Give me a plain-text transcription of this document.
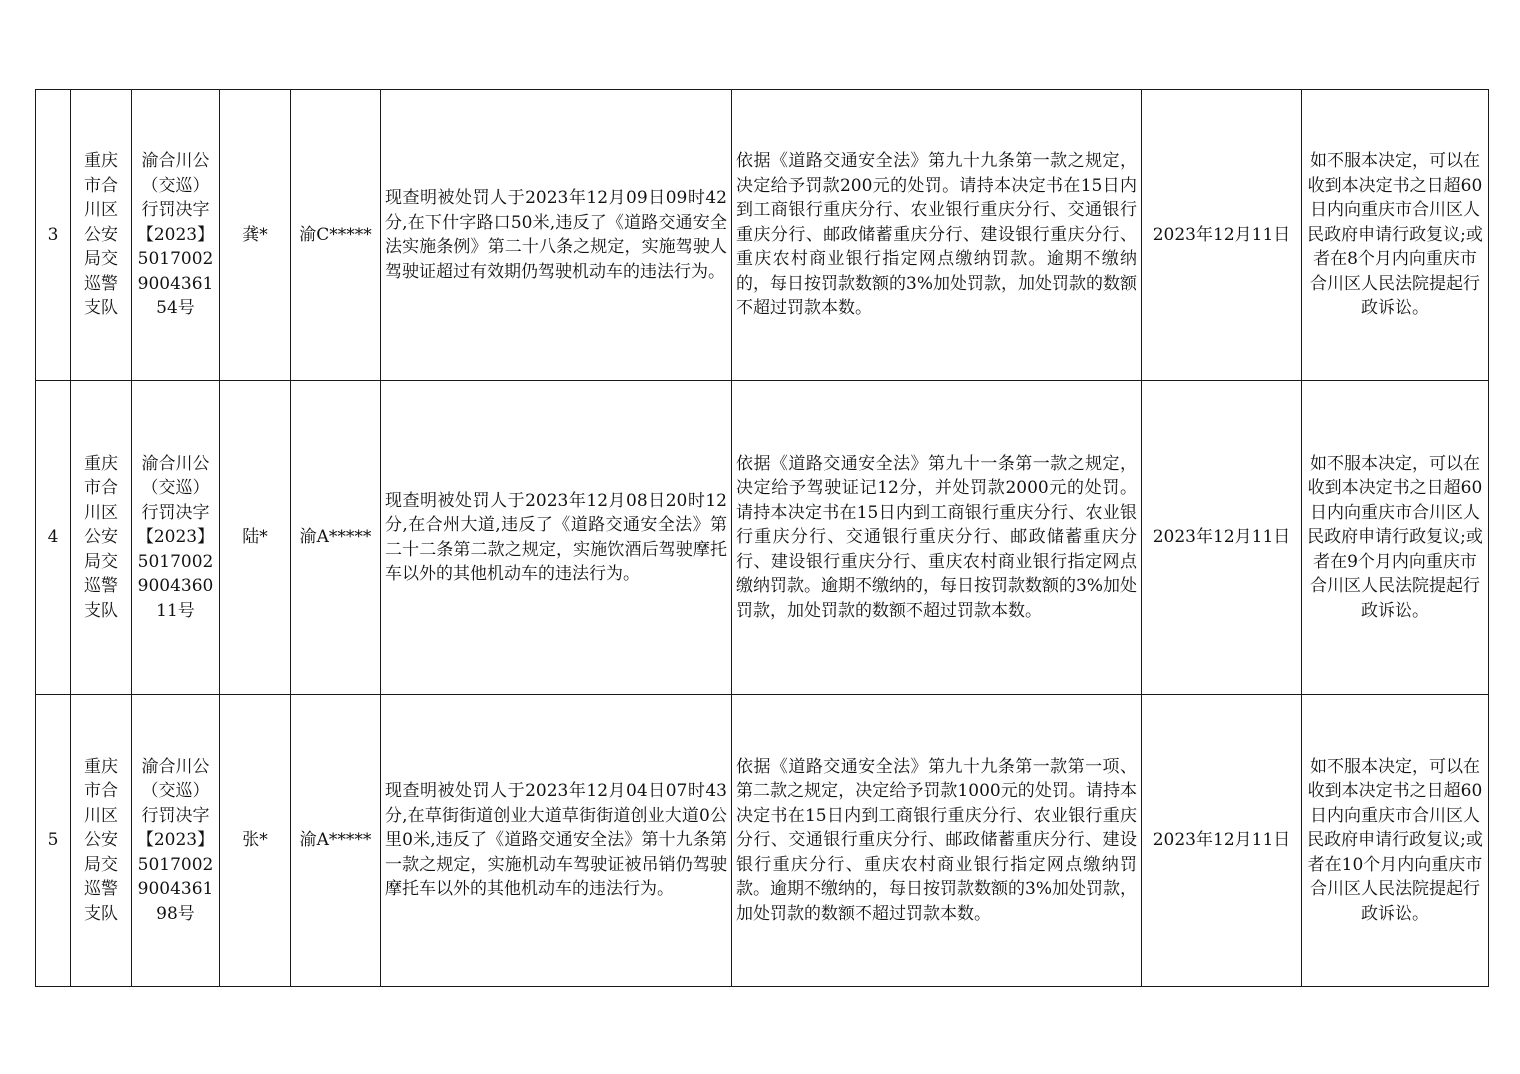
3	重庆市合川区公安局交巡警支队	渝合川公（交巡）行罚决字【2023】5017002900436154号	龚*	渝C*****	现查明被处罚人于2023年12月09日09时42分,在下什字路口50米,违反了《道路交通安全法实施条例》第二十八条之规定，实施驾驶人驾驶证超过有效期仍驾驶机动车的违法行为。	依据《道路交通安全法》第九十九条第一款之规定，决定给予罚款200元的处罚。请持本决定书在15日内到工商银行重庆分行、农业银行重庆分行、交通银行重庆分行、邮政储蓄重庆分行、建设银行重庆分行、重庆农村商业银行指定网点缴纳罚款。逾期不缴纳的，每日按罚款数额的3%加处罚款，加处罚款的数额不超过罚款本数。	2023年12月11日	如不服本决定，可以在收到本决定书之日超60日内向重庆市合川区人民政府申请行政复议;或者在8个月内向重庆市合川区人民法院提起行政诉讼。
4	重庆市合川区公安局交巡警支队	渝合川公（交巡）行罚决字【2023】5017002900436011号	陆*	渝A*****	现查明被处罚人于2023年12月08日20时12分,在合州大道,违反了《道路交通安全法》第二十二条第二款之规定，实施饮酒后驾驶摩托车以外的其他机动车的违法行为。	依据《道路交通安全法》第九十一条第一款之规定，决定给予驾驶证记12分，并处罚款2000元的处罚。请持本决定书在15日内到工商银行重庆分行、农业银行重庆分行、交通银行重庆分行、邮政储蓄重庆分行、建设银行重庆分行、重庆农村商业银行指定网点缴纳罚款。逾期不缴纳的，每日按罚款数额的3%加处罚款，加处罚款的数额不超过罚款本数。	2023年12月11日	如不服本决定，可以在收到本决定书之日超60日内向重庆市合川区人民政府申请行政复议;或者在9个月内向重庆市合川区人民法院提起行政诉讼。
5	重庆市合川区公安局交巡警支队	渝合川公（交巡）行罚决字【2023】5017002900436198号	张*	渝A*****	现查明被处罚人于2023年12月04日07时43分,在草街街道创业大道草街街道创业大道0公里0米,违反了《道路交通安全法》第十九条第一款之规定，实施机动车驾驶证被吊销仍驾驶摩托车以外的其他机动车的违法行为。	依据《道路交通安全法》第九十九条第一款第一项、第二款之规定，决定给予罚款1000元的处罚。请持本决定书在15日内到工商银行重庆分行、农业银行重庆分行、交通银行重庆分行、邮政储蓄重庆分行、建设银行重庆分行、重庆农村商业银行指定网点缴纳罚款。逾期不缴纳的，每日按罚款数额的3%加处罚款，加处罚款的数额不超过罚款本数。	2023年12月11日	如不服本决定，可以在收到本决定书之日超60日内向重庆市合川区人民政府申请行政复议;或者在10个月内向重庆市合川区人民法院提起行政诉讼。
